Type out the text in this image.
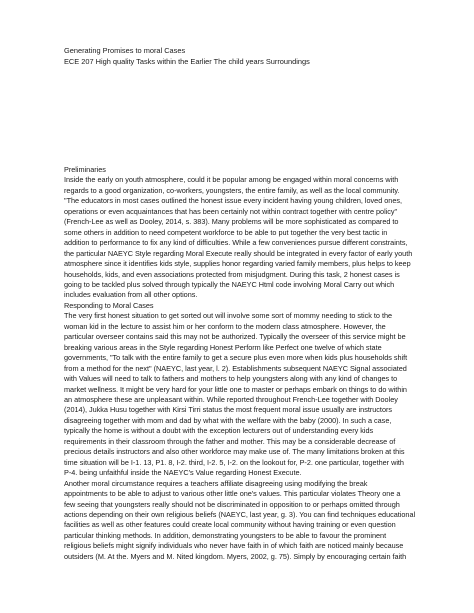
Generating Promises to moral Cases
ECE 207 High quality Tasks within the Earlier The child years Surroundings
Preliminaries
Inside the early on youth atmosphere, could it be popular among be engaged within moral concerns with
regards to a good organization, co-workers, youngsters, the entire family, as well as the local community.
"The educators in most cases outlined the honest issue every incident having young children, loved ones,
operations or even acquaintances that has been certainly not within contract together with centre policy"
(French-Lee as well as Dooley, 2014, s. 383). Many problems will be more sophisticated as compared to
some others in addition to need competent workforce to be able to put together the very best tactic in
addition to performance to fix any kind of difficulties. While a few conveniences pursue different constraints,
the particular NAEYC Style regarding Moral Execute really should be integrated in every factor of early youth
atmosphere since it identifies kids style, supplies honor regarding varied family members, plus helps to keep
households, kids, and even associations protected from misjudgment. During this task, 2 honest cases is
going to be tackled plus solved through typically the NAEYC Html code involving Moral Carry out which
includes evaluation from all other options.
Responding to Moral Cases
The very first honest situation to get sorted out will involve some sort of mommy needing to stick to the
woman kid in the lecture to assist him or her conform to the modern class atmosphere. However, the
particular overseer contains said this may not be authorized. Typically the overseer of this service might be
breaking various areas in the Style regarding Honest Perform like Perfect one twelve of which state
governments, "To talk with the entire family to get a secure plus even more when kids plus households shift
from a method for the next" (NAEYC, last year, l. 2). Establishments subsequent NAEYC Signal associated
with Values will need to talk to fathers and mothers to help youngsters along with any kind of changes to
market wellness. It might be very hard for your little one to master or perhaps embark on things to do within
an atmosphere these are unpleasant within. While reported throughout French-Lee together with Dooley
(2014), Jukka Husu together with Kirsi Tirri status the most frequent moral issue usually are instructors
disagreeing together with mom and dad by what with the welfare with the baby (2000). In such a case,
typically the home is without a doubt with the exception lecturers out of understanding every kids
requirements in their classroom through the father and mother. This may be a considerable decrease of
precious details instructors and also other workforce may make use of. The many limitations broken at this
time situation will be I-1. 13, P1. 8, I-2. third, I-2. 5, I-2. on the lookout for, P-2. one particular, together with
P-4. being unfaithful inside the NAEYC's Value regarding Honest Execute.
Another moral circumstance requires a teachers affiliate disagreeing using modifying the break
appointments to be able to adjust to various other little one's values. This particular violates Theory one a
few seeing that youngsters really should not be discriminated in opposition to or perhaps omitted through
actions depending on their own religious beliefs (NAEYC, last year, g. 3). You can find techniques educational
facilities as well as other features could create local community without having training or even question
particular thinking methods. In addition, demonstrating youngsters to be able to favour the prominent
religious beliefs might signify individuals who never have faith in of which faith are noticed mainly because
outsiders (M. At the. Myers and M. Nited kingdom. Myers, 2002, g. 75). Simply by encouraging certain faith
